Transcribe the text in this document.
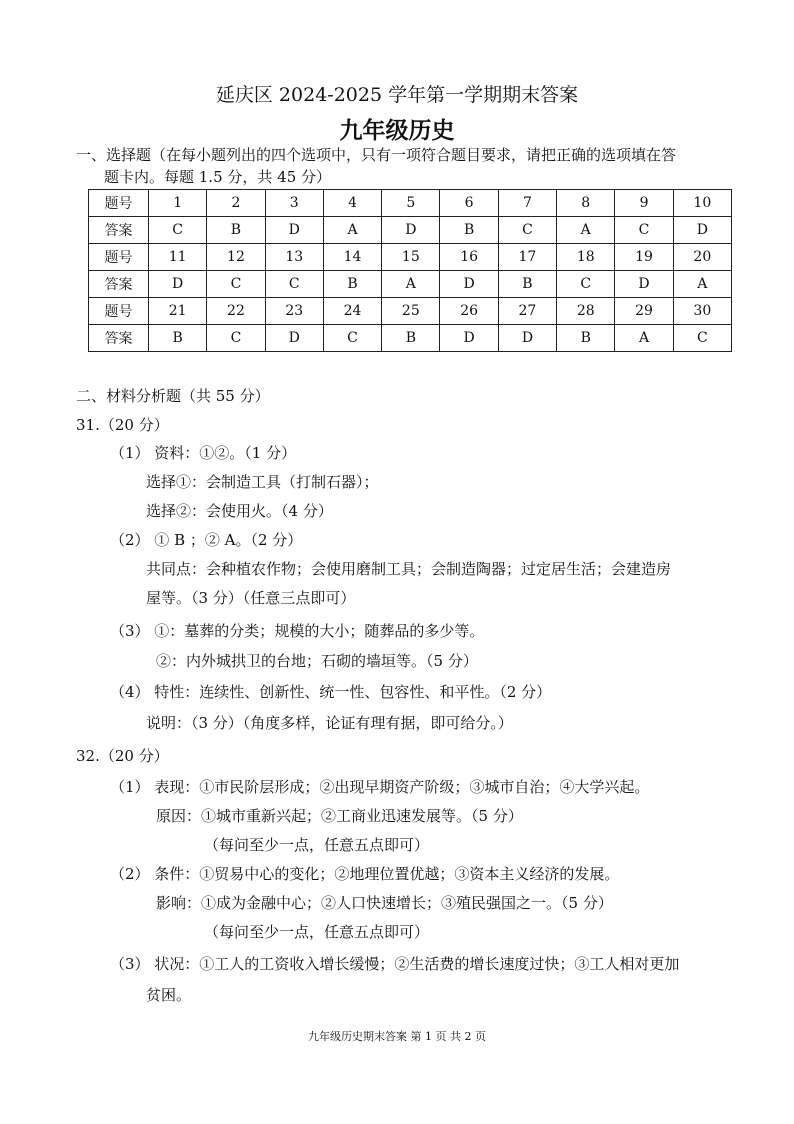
延庆区 2024-2025 学年第一学期期末答案
九年级历史
一、选择题（在每小题列出的四个选项中，只有一项符合题目要求，请把正确的选项填在答
题卡内。每题 1.5 分，共 45 分）
题号	1	2	3	4	5	6	7	8	9	10
答案	C	B	D	A	D	B	C	A	C	D
题号	11	12	13	14	15	16	17	18	19	20
答案	D	C	C	B	A	D	B	C	D	A
题号	21	22	23	24	25	26	27	28	29	30
答案	B	C	D	C	B	D	D	B	A	C
二、材料分析题（共 55 分）
31.（20 分）
（1） 资料：①②。（1 分）
选择①：会制造工具（打制石器）；
选择②：会使用火。（4 分）
（2） ① B ；② A。（2 分）
共同点：会种植农作物；会使用磨制工具；会制造陶器；过定居生活；会建造房
屋等。（3 分）（任意三点即可）
（3） ①：墓葬的分类；规模的大小；随葬品的多少等。
②：内外城拱卫的台地；石砌的墙垣等。（5 分）
（4） 特性：连续性、创新性、统一性、包容性、和平性。（2 分）
说明：（3 分）（角度多样，论证有理有据，即可给分。）
32.（20 分）
（1） 表现：①市民阶层形成；②出现早期资产阶级；③城市自治；④大学兴起。
原因：①城市重新兴起；②工商业迅速发展等。（5 分）
（每问至少一点，任意五点即可）
（2） 条件：①贸易中心的变化；②地理位置优越；③资本主义经济的发展。
影响：①成为金融中心；②人口快速增长；③殖民强国之一。（5 分）
（每问至少一点，任意五点即可）
（3） 状况：①工人的工资收入增长缓慢；②生活费的增长速度过快；③工人相对更加
贫困。
九年级历史期末答案 第 1 页 共 2 页
